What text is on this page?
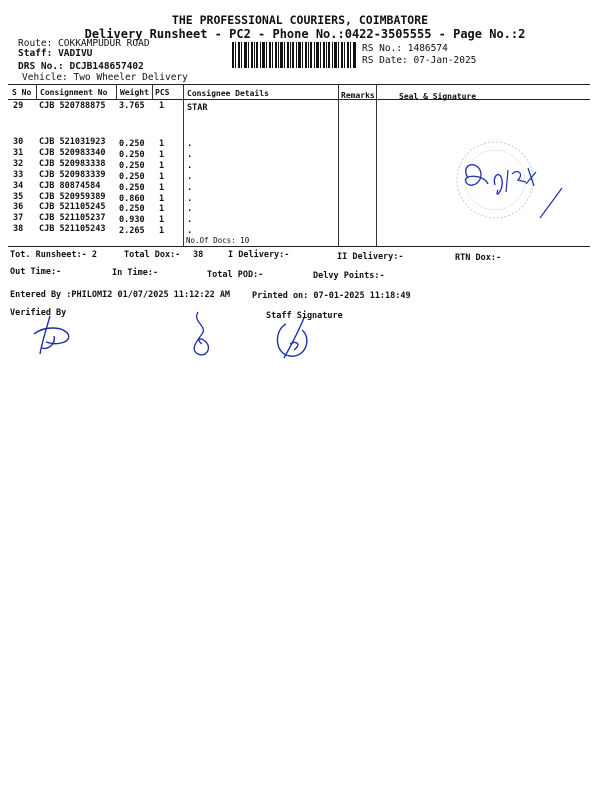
THE PROFESSIONAL COURIERS, COIMBATORE
Delivery Runsheet - PC2 - Phone No.:0422-3505555 - Page No.:2
Route: COKKAMPUDUR ROAD
Staff: VADIVU
DRS No.: DCJB148657402
Vehicle: Two Wheeler Delivery
RS No.: 1486574
RS Date: 07-Jan-2025
S No Consignment No Weight PCS Consignee Details	Remarks	Seal & Signature
29 CJB 520788875 3.765 1	STAR
30 CJB 521031923 0.250 1	.
31 CJB 520983340 0.250 1	.
32 CJB 520983338 0.250 1	.
33 CJB 520983339 0.250 1	.
34 CJB 80874584 0.250 1	.
35 CJB 520959389 0.860 1	.
36 CJB 521105245 0.250 1	.
37 CJB 521105237 0.930 1	.
38 CJB 521105243 2.265 1	.
No.Of Docs: 10
Tot. Runsheet:- 2	Total Dox:- 38	I Delivery:-	II Delivery:-	RTN Dox:-
Out Time:-	In Time:-	Total POD:-	Delvy Points:-
Entered By :PHILOMI2 01/07/2025 11:12:22 AM	Printed on: 07-01-2025 11:18:49
Verified By	Staff Signature
